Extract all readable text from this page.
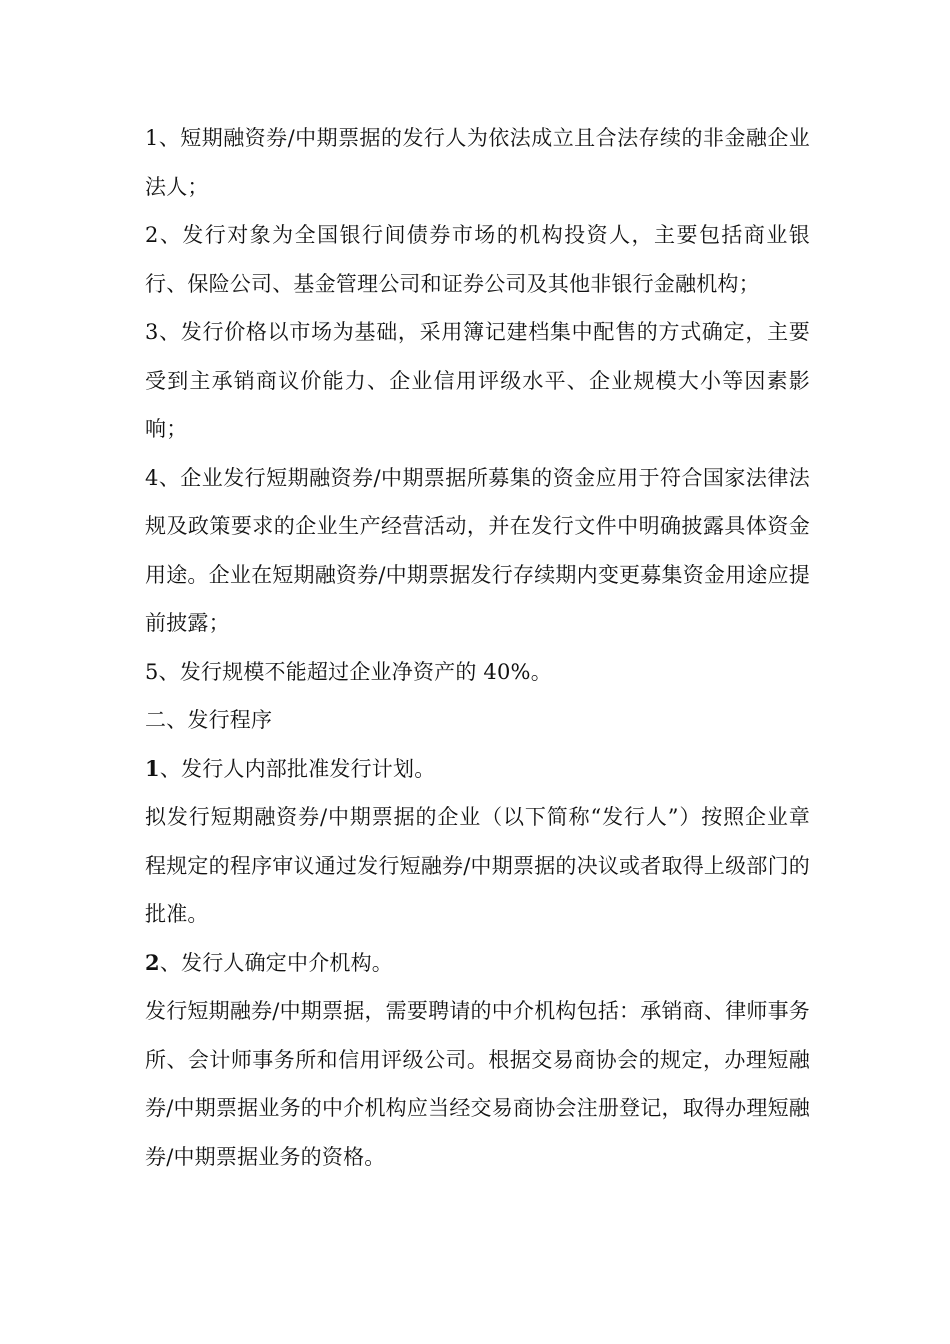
1、短期融资券/中期票据的发行人为依法成立且合法存续的非金融企业法人；

2、发行对象为全国银行间债券市场的机构投资人，主要包括商业银行、保险公司、基金管理公司和证券公司及其他非银行金融机构；

3、发行价格以市场为基础，采用簿记建档集中配售的方式确定，主要受到主承销商议价能力、企业信用评级水平、企业规模大小等因素影响；

4、企业发行短期融资券/中期票据所募集的资金应用于符合国家法律法规及政策要求的企业生产经营活动，并在发行文件中明确披露具体资金用途。企业在短期融资券/中期票据发行存续期内变更募集资金用途应提前披露；

5、发行规模不能超过企业净资产的 40%。

二、发行程序

1、发行人内部批准发行计划。

拟发行短期融资券/中期票据的企业（以下简称“发行人”）按照企业章程规定的程序审议通过发行短融券/中期票据的决议或者取得上级部门的批准。

2、发行人确定中介机构。

发行短期融券/中期票据，需要聘请的中介机构包括：承销商、律师事务所、会计师事务所和信用评级公司。根据交易商协会的规定，办理短融券/中期票据业务的中介机构应当经交易商协会注册登记，取得办理短融券/中期票据业务的资格。
